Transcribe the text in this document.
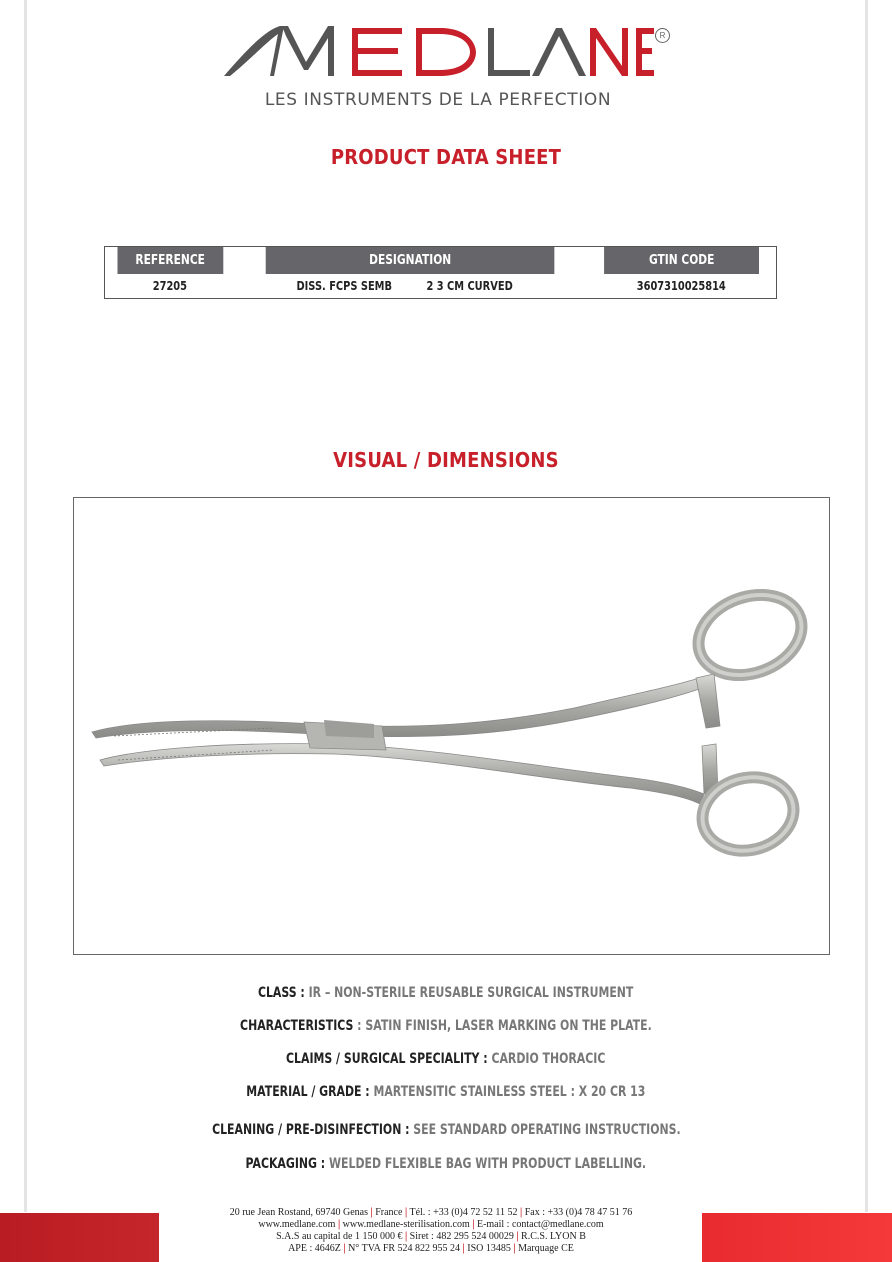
R
LES INSTRUMENTS DE LA PERFECTION
PRODUCT DATA SHEET
REFERENCE	DESIGNATION	GTIN CODE
27205	DISS. FCPS SEMB 2 3 CM CURVED	3607310025814
VISUAL / DIMENSIONS
CLASS : IR – NON-STERILE REUSABLE SURGICAL INSTRUMENT
CHARACTERISTICS : SATIN FINISH, LASER MARKING ON THE PLATE.
CLAIMS / SURGICAL SPECIALITY : CARDIO THORACIC
MATERIAL / GRADE : MARTENSITIC STAINLESS STEEL : X 20 CR 13
CLEANING / PRE-DISINFECTION : SEE STANDARD OPERATING INSTRUCTIONS.
PACKAGING : WELDED FLEXIBLE BAG WITH PRODUCT LABELLING.
20 rue Jean Rostand, 69740 Genas | France | Tél. : +33 (0)4 72 52 11 52 | Fax : +33 (0)4 78 47 51 76
www.medlane.com | www.medlane-sterilisation.com | E-mail : contact@medlane.com
S.A.S au capital de 1 150 000 € | Siret : 482 295 524 00029 | R.C.S. LYON B
APE : 4646Z | N° TVA FR 524 822 955 24 | ISO 13485 | Marquage CE
